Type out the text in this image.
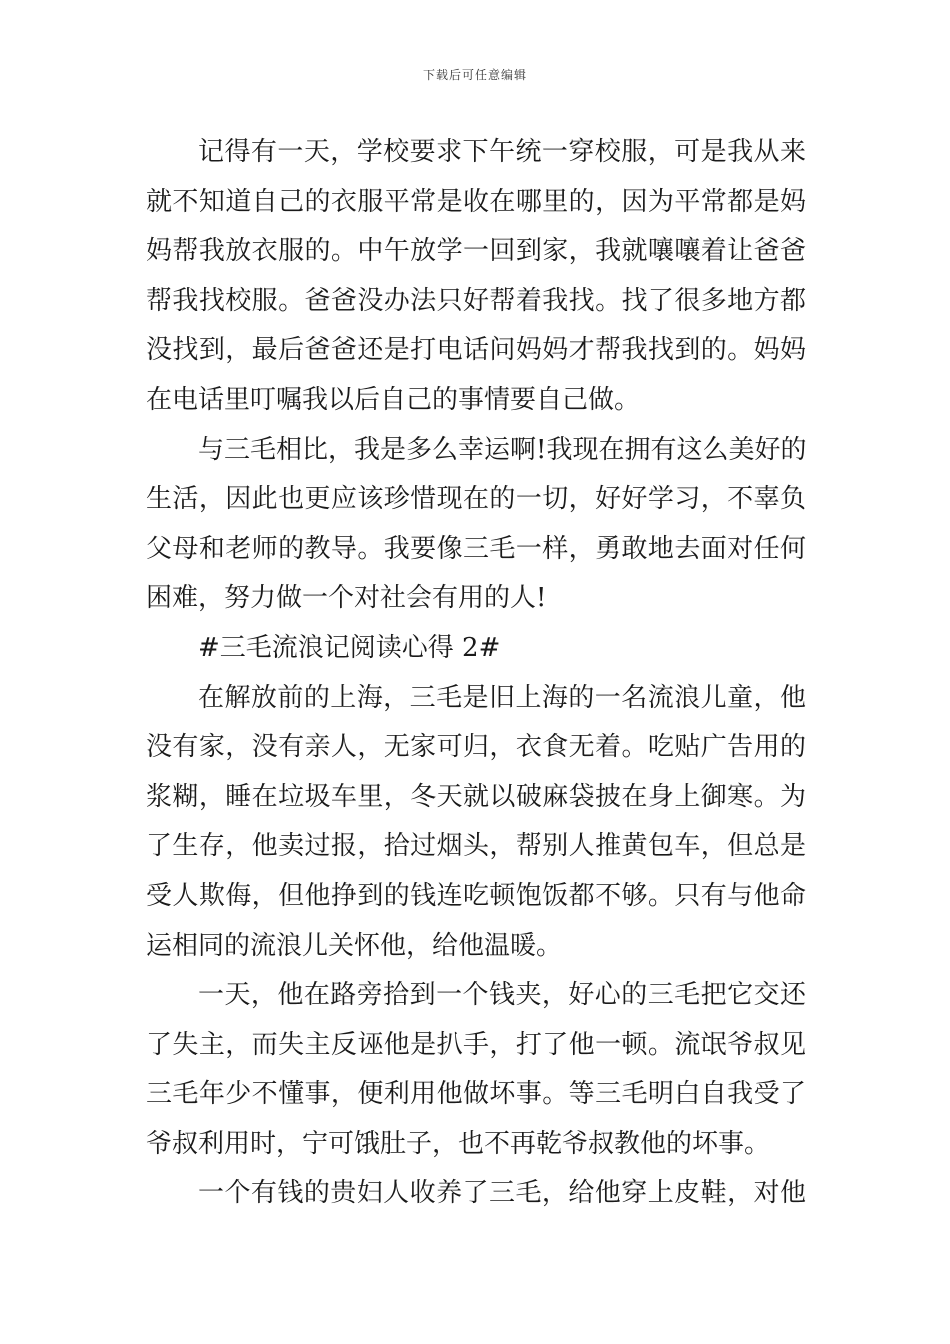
下载后可任意编辑
记得有一天，学校要求下午统一穿校服，可是我从来
就不知道自己的衣服平常是收在哪里的，因为平常都是妈
妈帮我放衣服的。中午放学一回到家，我就嚷嚷着让爸爸
帮我找校服。爸爸没办法只好帮着我找。找了很多地方都
没找到，最后爸爸还是打电话问妈妈才帮我找到的。妈妈
在电话里叮嘱我以后自己的事情要自己做。
与三毛相比，我是多么幸运啊!我现在拥有这么美好的
生活，因此也更应该珍惜现在的一切，好好学习，不辜负
父母和老师的教导。我要像三毛一样，勇敢地去面对任何
困难，努力做一个对社会有用的人!
#三毛流浪记阅读心得 2#
在解放前的上海，三毛是旧上海的一名流浪儿童，他
没有家，没有亲人，无家可归，衣食无着。吃贴广告用的
浆糊，睡在垃圾车里，冬天就以破麻袋披在身上御寒。为
了生存，他卖过报，拾过烟头，帮别人推黄包车，但总是
受人欺侮，但他挣到的钱连吃顿饱饭都不够。只有与他命
运相同的流浪儿关怀他，给他温暖。
一天，他在路旁拾到一个钱夹，好心的三毛把它交还
了失主，而失主反诬他是扒手，打了他一顿。流氓爷叔见
三毛年少不懂事，便利用他做坏事。等三毛明白自我受了
爷叔利用时，宁可饿肚子，也不再乾爷叔教他的坏事。
一个有钱的贵妇人收养了三毛，给他穿上皮鞋，对他
